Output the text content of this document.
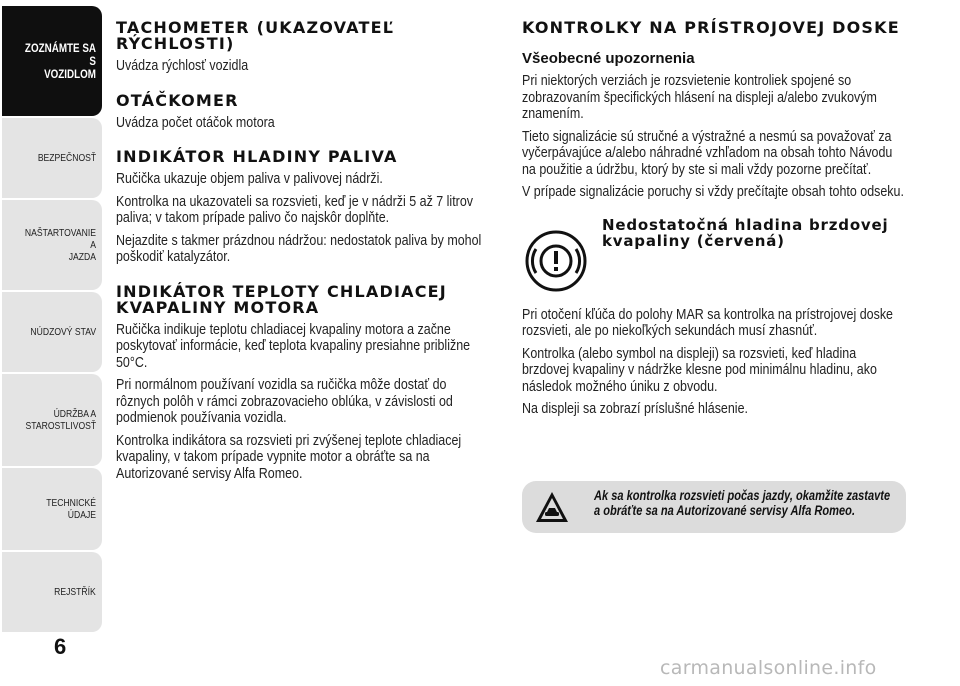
ZOZNÁMTE SA S
VOZIDLOM
BEZPEČNOSŤ
NAŠTARTOVANIE A
JAZDA
NÚDZOVÝ STAV
ÚDRŽBA A
STAROSTLIVOSŤ
TECHNICKÉ ÚDAJE
REJSTŘÍK
6
TACHOMETER (UKAZOVATEĽ RÝCHLOSTI)

Uvádza rýchlosť vozidla

OTÁČKOMER

Uvádza počet otáčok motora

INDIKÁTOR HLADINY PALIVA

Ručička ukazuje objem paliva v palivovej nádrži.

Kontrolka na ukazovateli sa rozsvieti, keď je v nádrži 5 až 7 litrov paliva; v takom prípade palivo čo najskôr doplňte.

Nejazdite s takmer prázdnou nádržou: nedostatok paliva by mohol poškodiť katalyzátor.

INDIKÁTOR TEPLOTY CHLADIACEJ KVAPALINY MOTORA

Ručička indikuje teplotu chladiacej kvapaliny motora a začne poskytovať informácie, keď teplota kvapaliny presiahne približne 50°C.

Pri normálnom používaní vozidla sa ručička môže dostať do rôznych polôh v rámci zobrazovacieho oblúka, v závislosti od podmienok používania vozidla.

Kontrolka indikátora sa rozsvieti pri zvýšenej teplote chladiacej kvapaliny, v takom prípade vypnite motor a obráťte sa na Autorizované servisy Alfa Romeo.

KONTROLKY NA PRÍSTROJOVEJ DOSKE
Všeobecné upozornenia

Pri niektorých verziách je rozsvietenie kontroliek spojené so zobrazovaním špecifických hlásení na displeji a/alebo zvukovým znamením.

Tieto signalizácie sú stručné a výstražné a nesmú sa považovať za vyčerpávajúce a/alebo náhradné vzhľadom na obsah tohto Návodu na použitie a údržbu, ktorý by ste si mali vždy pozorne prečítať.

V prípade signalizácie poruchy si vždy prečítajte obsah tohto odseku.

Nedostatočná hladina brzdovej kvapaliny (červená)

Pri otočení kľúča do polohy MAR sa kontrolka na prístrojovej doske rozsvieti, ale po niekoľkých sekundách musí zhasnúť.

Kontrolka (alebo symbol na displeji) sa rozsvieti, keď hladina brzdovej kvapaliny v nádržke klesne pod minimálnu hladinu, ako následok možného úniku z obvodu.

Na displeji sa zobrazí príslušné hlásenie.

Ak sa kontrolka rozsvieti počas jazdy, okamžite zastavte a obráťte sa na Autorizované servisy Alfa Romeo.
carmanualsonline.info
